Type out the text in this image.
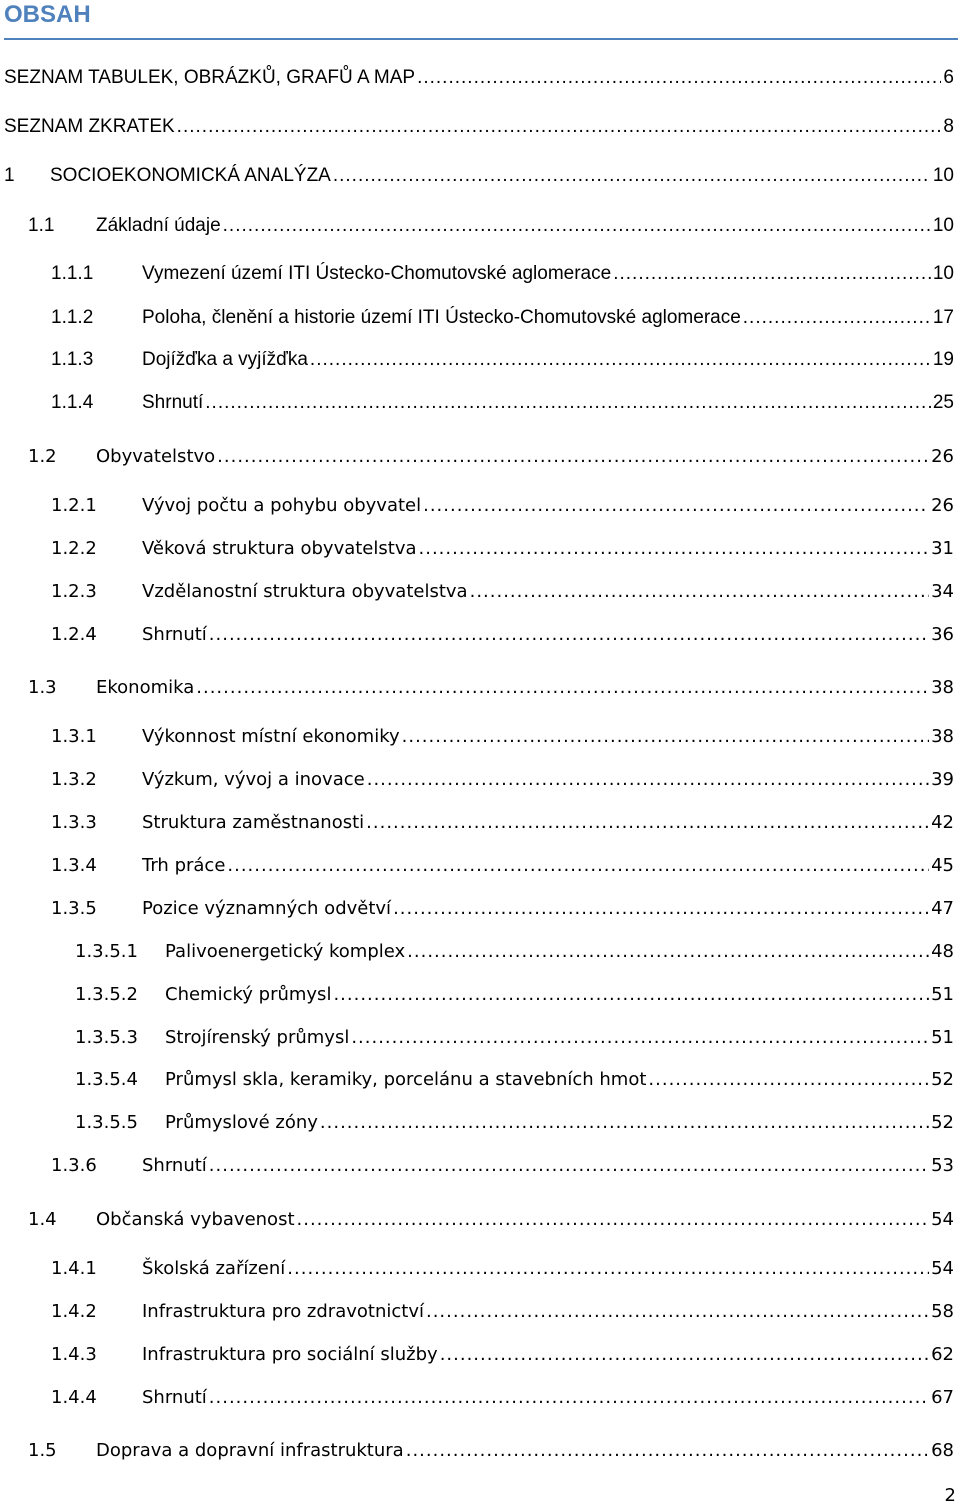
OBSAH
SEZNAM TABULEK, OBRÁZKŮ, GRAFŮ A MAP .....	6
SEZNAM ZKRATEK .....	8
1	SOCIOEKONOMICKÁ ANALÝZA .....	10
1.1	Základní údaje .....	10
1.1.1	Vymezení území ITI Ústecko-Chomutovské aglomerace .....	10
1.1.2	Poloha, členění a historie území ITI Ústecko-Chomutovské aglomerace .....	17
1.1.3	Dojížďka a vyjížďka .....	19
1.1.4	Shrnutí .....	25
1.2	Obyvatelstvo .....	26
1.2.1	Vývoj počtu a pohybu obyvatel .....	26
1.2.2	Věková struktura obyvatelstva .....	31
1.2.3	Vzdělanostní struktura obyvatelstva .....	34
1.2.4	Shrnutí .....	36
1.3	Ekonomika .....	38
1.3.1	Výkonnost místní ekonomiky .....	38
1.3.2	Výzkum, vývoj a inovace .....	39
1.3.3	Struktura zaměstnanosti .....	42
1.3.4	Trh práce .....	45
1.3.5	Pozice významných odvětví .....	47
1.3.5.1	Palivoenergetický komplex .....	48
1.3.5.2	Chemický průmysl .....	51
1.3.5.3	Strojírenský průmysl .....	51
1.3.5.4	Průmysl skla, keramiky, porcelánu a stavebních hmot .....	52
1.3.5.5	Průmyslové zóny .....	52
1.3.6	Shrnutí .....	53
1.4	Občanská vybavenost .....	54
1.4.1	Školská zařízení .....	54
1.4.2	Infrastruktura pro zdravotnictví .....	58
1.4.3	Infrastruktura pro sociální služby .....	62
1.4.4	Shrnutí .....	67
1.5	Doprava a dopravní infrastruktura .....	68
2
